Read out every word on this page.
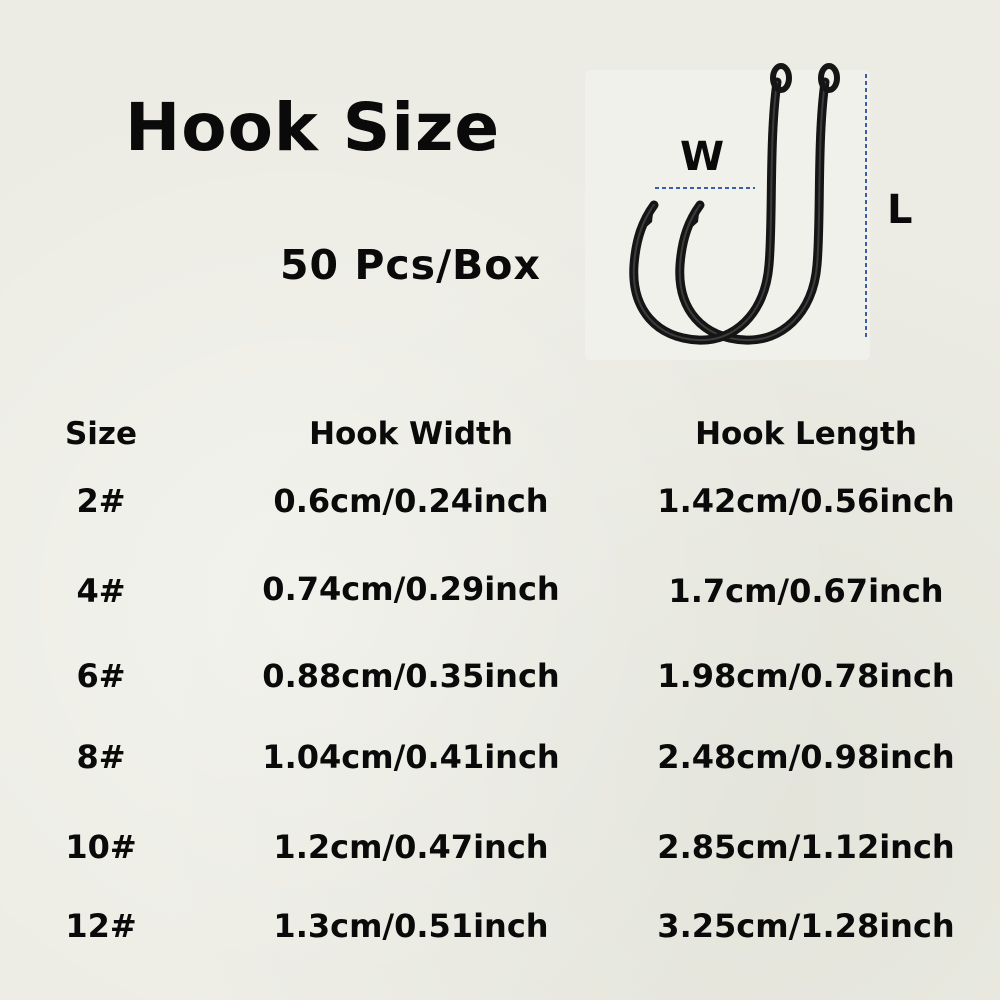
Hook Size
50 Pcs/Box
W
L
Size	Hook Width	Hook Length
2#	0.6cm/0.24inch	1.42cm/0.56inch
4#	0.74cm/0.29inch	1.7cm/0.67inch
6#	0.88cm/0.35inch	1.98cm/0.78inch
8#	1.04cm/0.41inch	2.48cm/0.98inch
10#	1.2cm/0.47inch	2.85cm/1.12inch
12#	1.3cm/0.51inch	3.25cm/1.28inch
